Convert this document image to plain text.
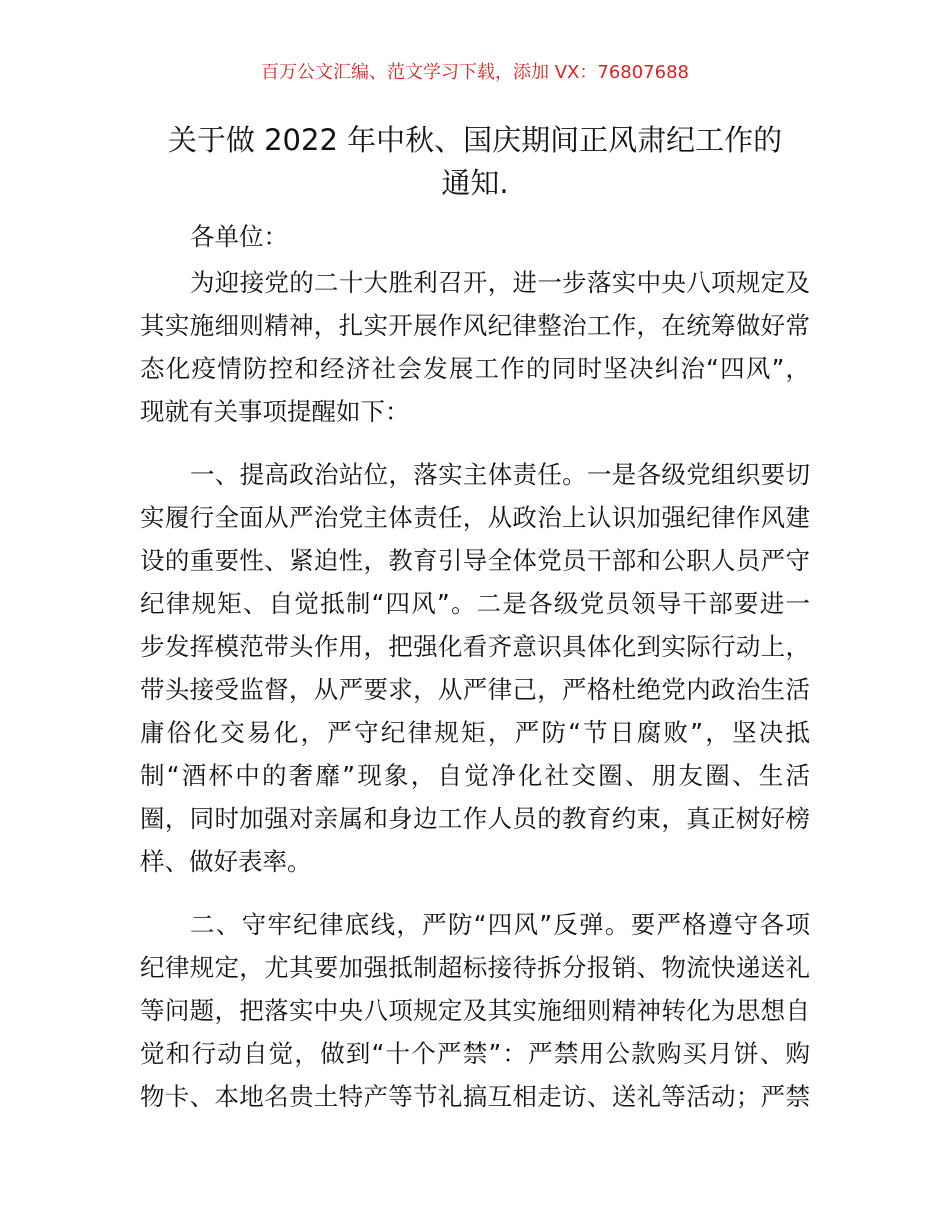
百万公文汇编、范文学习下载，添加 VX：76807688
关于做 2022 年中秋、国庆期间正风肃纪工作的
通知.
各单位：
为迎接党的二十大胜利召开，进一步落实中央八项规定及
其实施细则精神，扎实开展作风纪律整治工作，在统筹做好常
态化疫情防控和经济社会发展工作的同时坚决纠治“四风”，
现就有关事项提醒如下：
一、提高政治站位，落实主体责任。一是各级党组织要切
实履行全面从严治党主体责任，从政治上认识加强纪律作风建
设的重要性、紧迫性，教育引导全体党员干部和公职人员严守
纪律规矩、自觉抵制“四风”。二是各级党员领导干部要进一
步发挥模范带头作用，把强化看齐意识具体化到实际行动上，
带头接受监督，从严要求，从严律己，严格杜绝党内政治生活
庸俗化交易化，严守纪律规矩，严防“节日腐败”，坚决抵
制“酒杯中的奢靡”现象，自觉净化社交圈、朋友圈、生活
圈，同时加强对亲属和身边工作人员的教育约束，真正树好榜
样、做好表率。
二、守牢纪律底线，严防“四风”反弹。要严格遵守各项
纪律规定，尤其要加强抵制超标接待拆分报销、物流快递送礼
等问题，把落实中央八项规定及其实施细则精神转化为思想自
觉和行动自觉，做到“十个严禁”：严禁用公款购买月饼、购
物卡、本地名贵土特产等节礼搞互相走访、送礼等活动；严禁
